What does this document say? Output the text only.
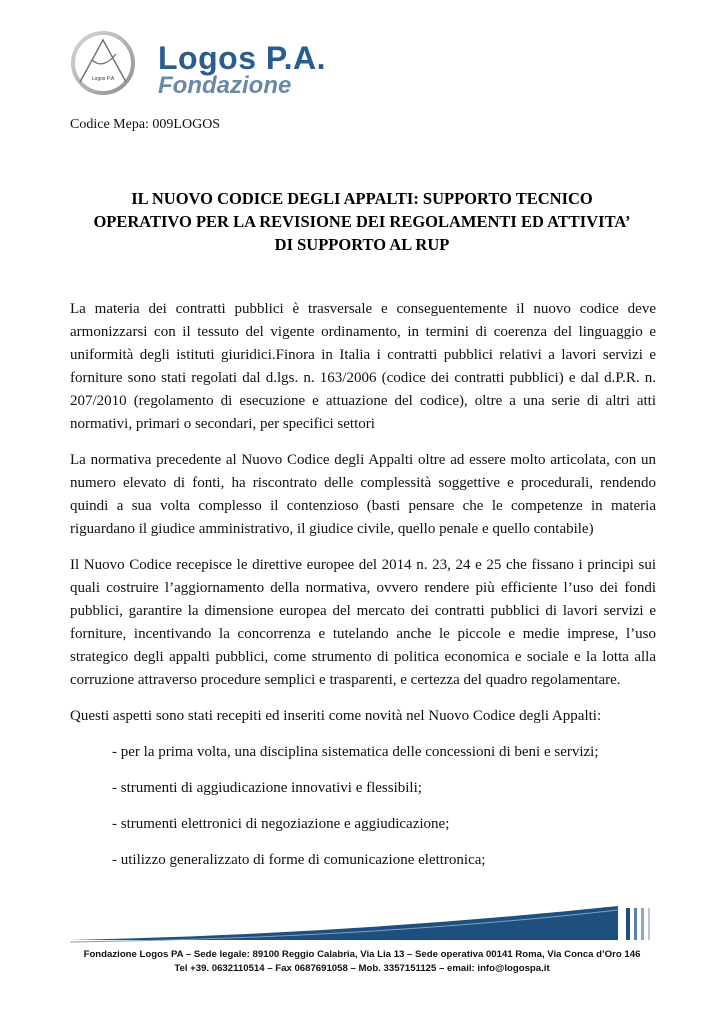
Logos P.A
Logos P.A.
Fondazione
Codice Mepa: 009LOGOS
IL NUOVO CODICE DEGLI APPALTI: SUPPORTO TECNICO
OPERATIVO PER LA REVISIONE DEI REGOLAMENTI ED ATTIVITA’
DI SUPPORTO AL RUP

La materia dei contratti pubblici è trasversale e conseguentemente il nuovo codice deve armonizzarsi con il tessuto del vigente ordinamento, in termini di coerenza del linguaggio e uniformità degli istituti giuridici.Finora in Italia i contratti pubblici relativi a lavori servizi e forniture sono stati regolati dal d.lgs. n. 163/2006 (codice dei contratti pubblici) e dal d.P.R. n. 207/2010 (regolamento di esecuzione e attuazione del codice), oltre a una serie di altri atti normativi, primari o secondari, per specifici settori

La normativa precedente al Nuovo Codice degli Appalti oltre ad essere molto articolata, con un numero elevato di fonti, ha riscontrato delle complessità soggettive e procedurali, rendendo quindi a sua volta complesso il contenzioso (basti pensare che le competenze in materia riguardano il giudice amministrativo, il giudice civile, quello penale e quello contabile)

Il Nuovo Codice recepisce le direttive europee del 2014 n. 23, 24 e 25 che fissano i principi sui quali costruire l’aggiornamento della normativa, ovvero rendere più efficiente l’uso dei fondi pubblici, garantire la dimensione europea del mercato dei contratti pubblici di lavori servizi e forniture, incentivando la concorrenza e tutelando anche le piccole e medie imprese, l’uso strategico degli appalti pubblici, come strumento di politica economica e sociale e la lotta alla corruzione attraverso procedure semplici e trasparenti, e certezza del quadro regolamentare.

Questi aspetti sono stati recepiti ed inseriti come novità nel Nuovo Codice degli Appalti:

- per la prima volta, una disciplina sistematica delle concessioni di beni e servizi;
- strumenti di aggiudicazione innovativi e flessibili;
- strumenti elettronici di negoziazione e aggiudicazione;
- utilizzo generalizzato di forme di comunicazione elettronica;
Fondazione Logos PA – Sede legale: 89100 Reggio Calabria, Via Lia 13 – Sede operativa 00141 Roma, Via Conca d’Oro 146
Tel +39. 0632110514 – Fax 0687691058 – Mob. 3357151125 – email: info@logospa.it
